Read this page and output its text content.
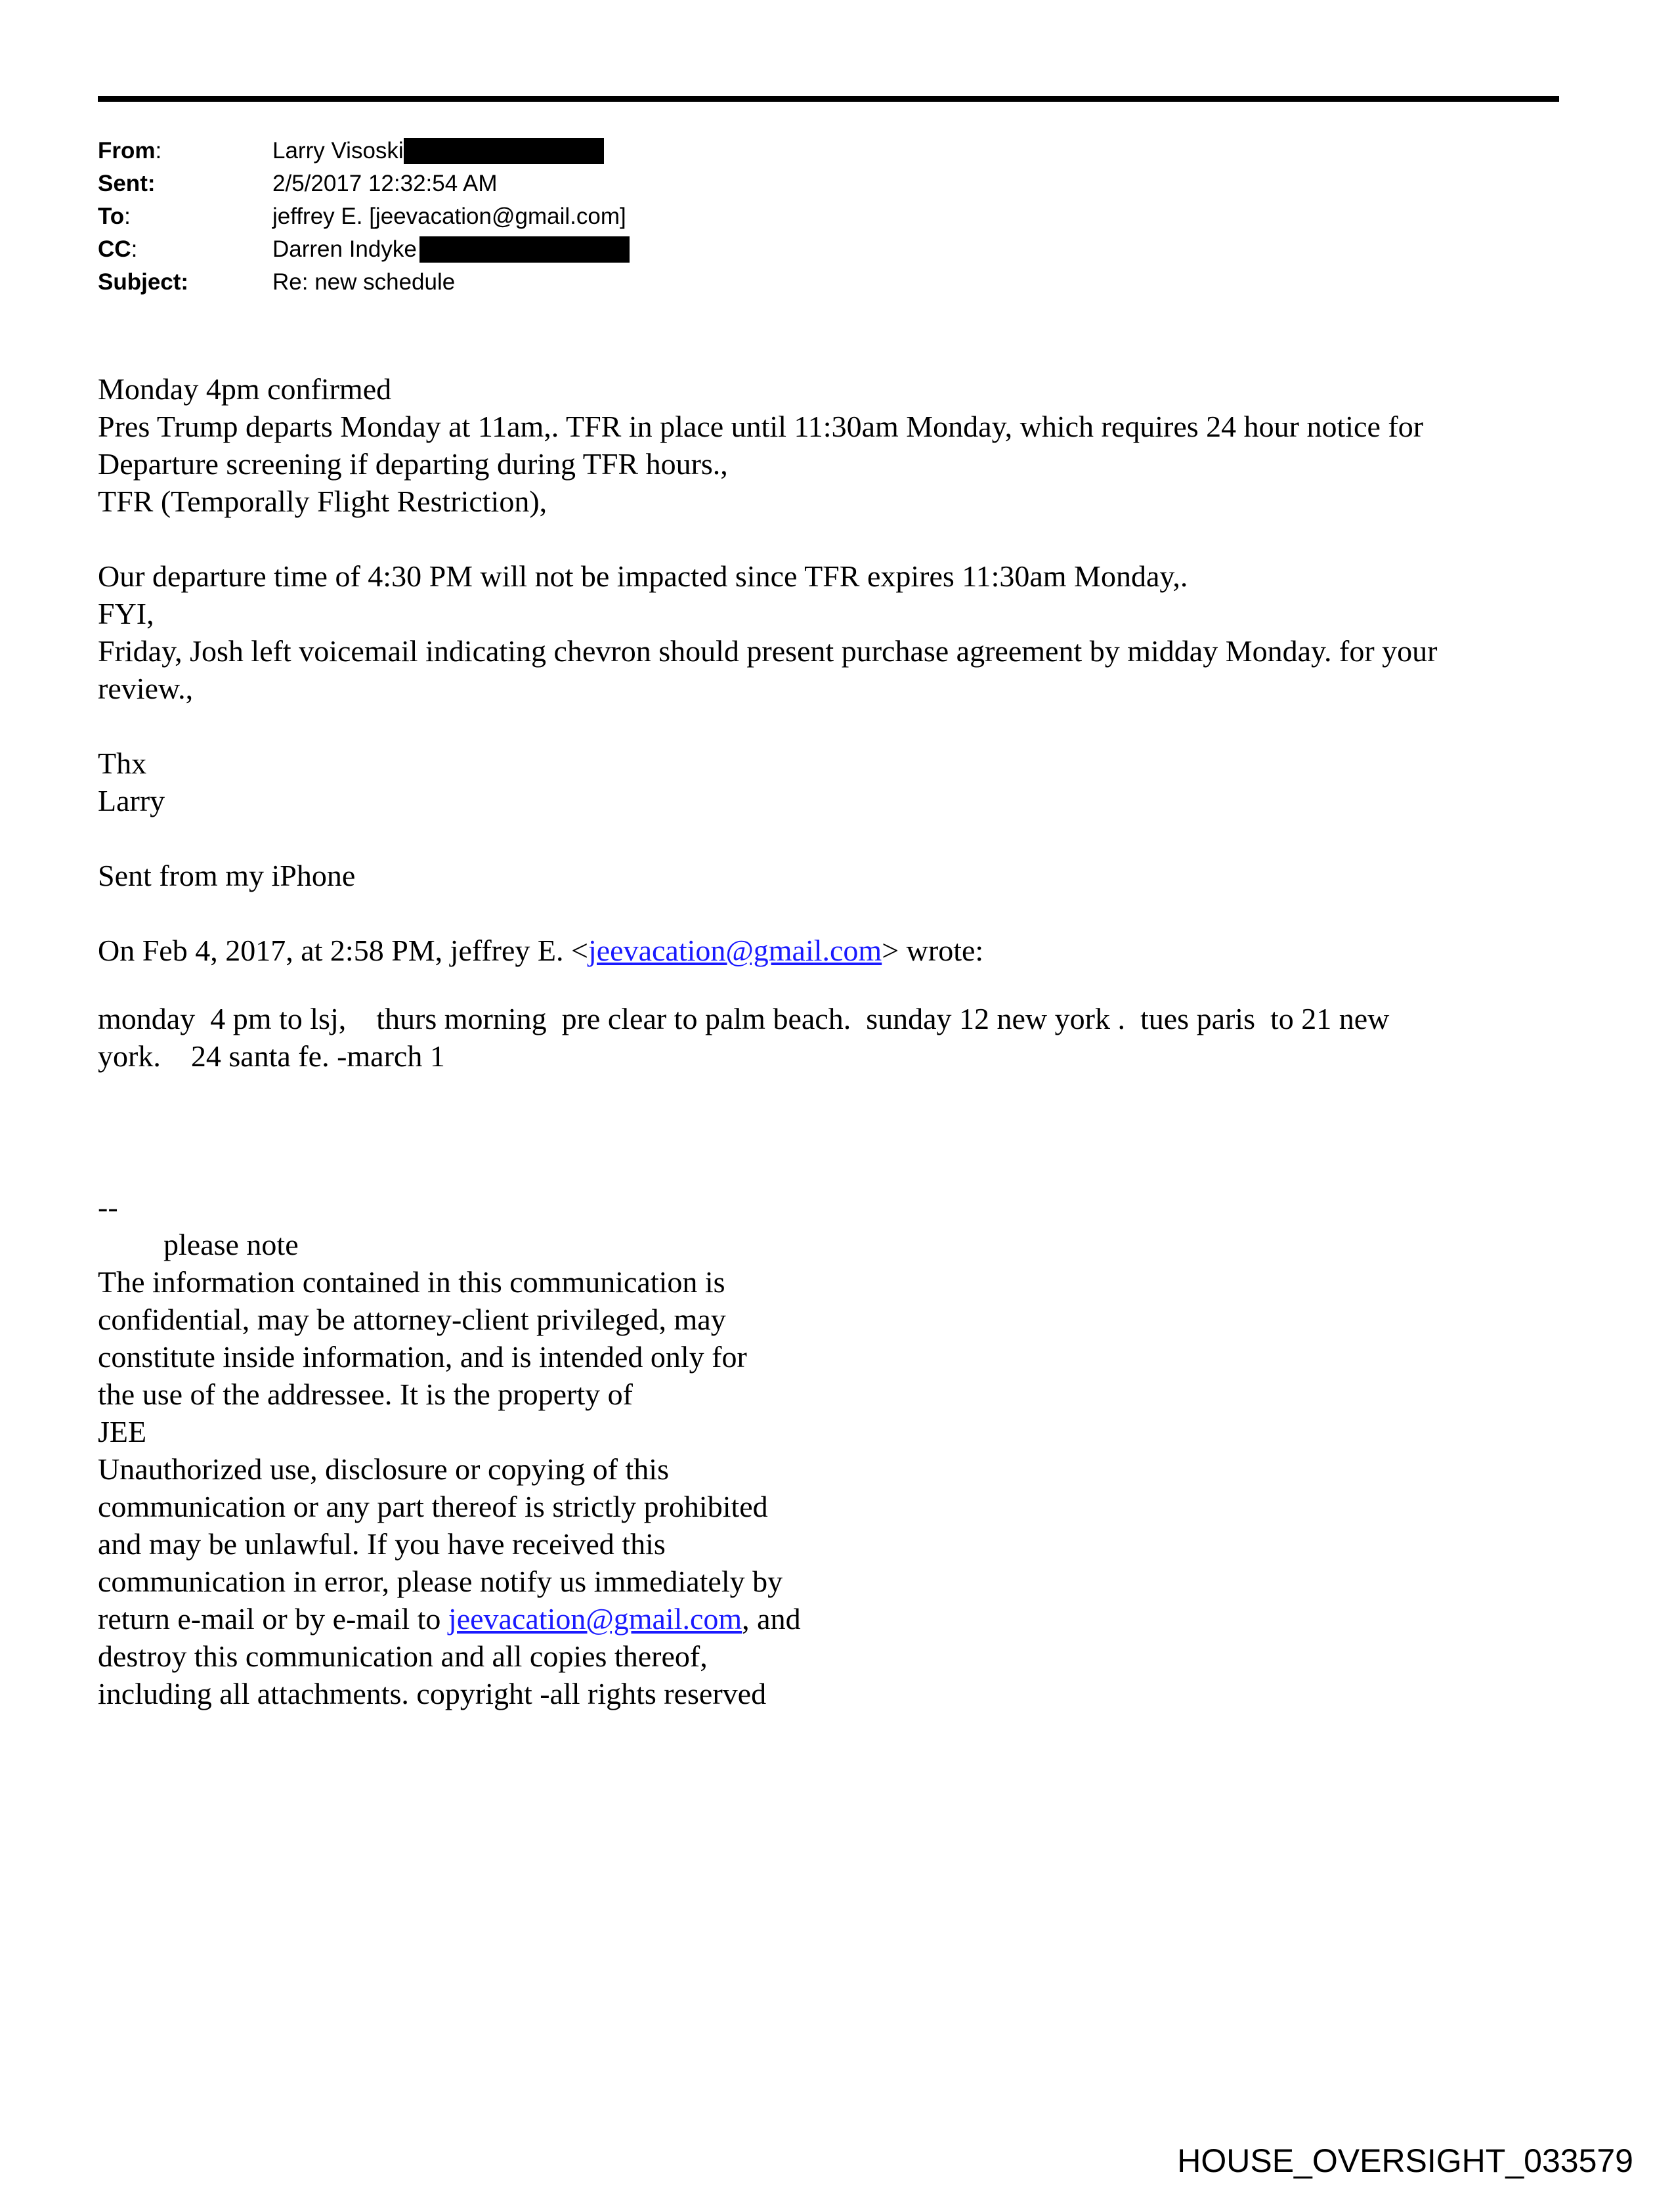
From:	Larry Visoski
Sent:	2/5/2017 12:32:54 AM
To:	jeffrey E. [jeevacation@gmail.com]
CC:	Darren Indyke
Subject:	Re: new schedule
Monday 4pm confirmed
Pres Trump departs Monday at 11am,. TFR in place until 11:30am Monday, which requires 24 hour notice for
Departure screening if departing during TFR hours.,
TFR (Temporally Flight Restriction),
Our departure time of 4:30 PM will not be impacted since TFR expires 11:30am Monday,.
FYI,
Friday, Josh left voicemail indicating chevron should present purchase agreement by midday Monday. for your
review.,
Thx
Larry
Sent from my iPhone
On Feb 4, 2017, at 2:58 PM, jeffrey E. <jeevacation@gmail.com> wrote:
monday  4 pm to lsj,    thurs morning  pre clear to palm beach.  sunday 12 new york .  tues paris  to 21 new
york.    24 santa fe. -march 1
--
please note
The information contained in this communication is
confidential, may be attorney-client privileged, may
constitute inside information, and is intended only for
the use of the addressee. It is the property of
JEE
Unauthorized use, disclosure or copying of this
communication or any part thereof is strictly prohibited
and may be unlawful. If you have received this
communication in error, please notify us immediately by
return e-mail or by e-mail to jeevacation@gmail.com, and
destroy this communication and all copies thereof,
including all attachments. copyright -all rights reserved
HOUSE_OVERSIGHT_033579
